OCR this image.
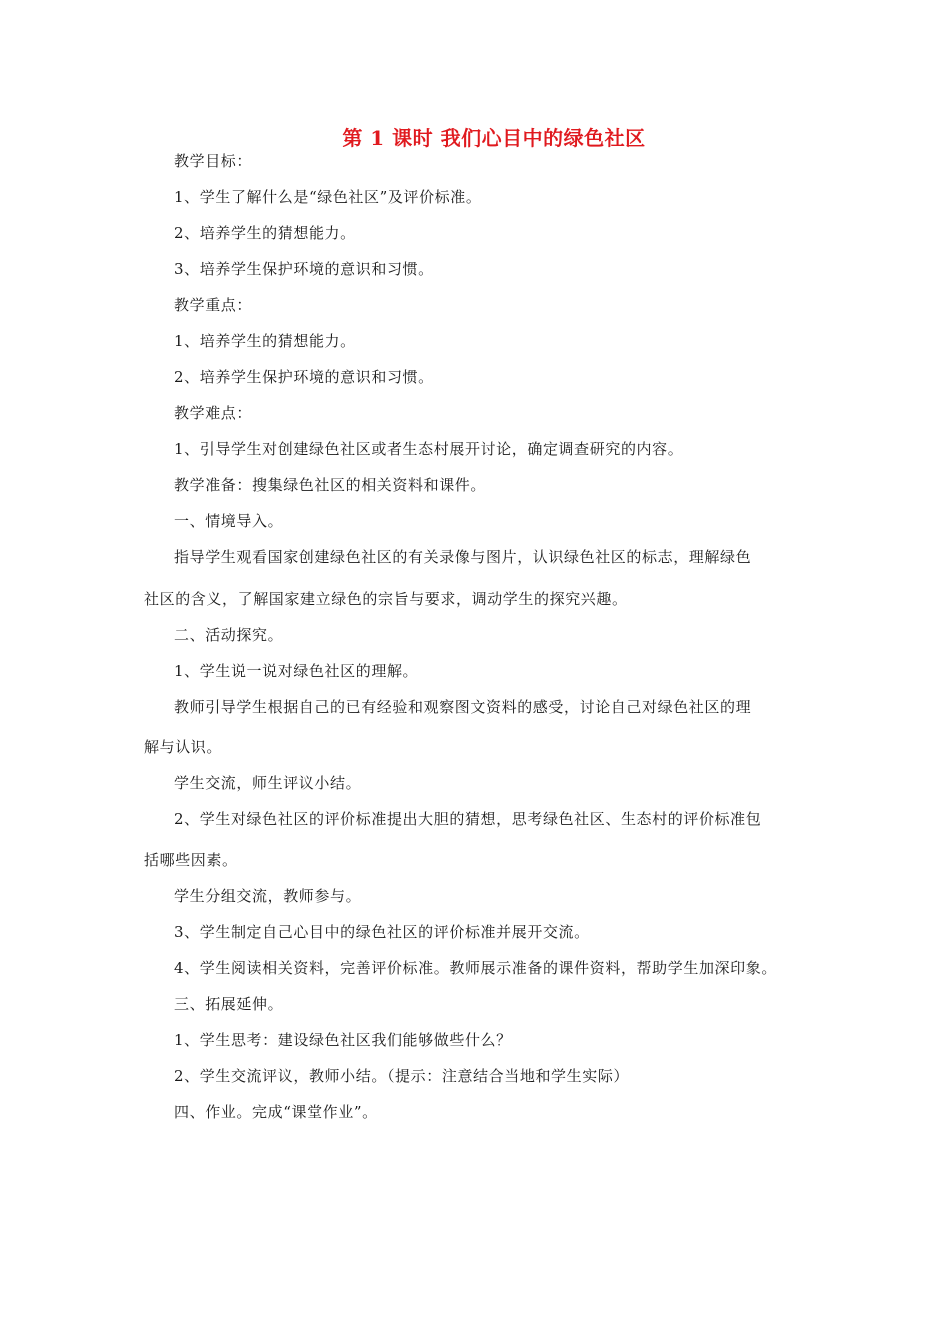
第 1 课时 我们心目中的绿色社区
教学目标：
1、学生了解什么是“绿色社区”及评价标准。
2、培养学生的猜想能力。
3、培养学生保护环境的意识和习惯。
教学重点：
1、培养学生的猜想能力。
2、培养学生保护环境的意识和习惯。
教学难点：
1、引导学生对创建绿色社区或者生态村展开讨论，确定调查研究的内容。
教学准备：搜集绿色社区的相关资料和课件。
一、情境导入。
指导学生观看国家创建绿色社区的有关录像与图片，认识绿色社区的标志，理解绿色
社区的含义，了解国家建立绿色的宗旨与要求，调动学生的探究兴趣。
二、活动探究。
1、学生说一说对绿色社区的理解。
教师引导学生根据自己的已有经验和观察图文资料的感受，讨论自己对绿色社区的理
解与认识。
学生交流，师生评议小结。
2、学生对绿色社区的评价标准提出大胆的猜想，思考绿色社区、生态村的评价标准包
括哪些因素。
学生分组交流，教师参与。
3、学生制定自己心目中的绿色社区的评价标准并展开交流。
4、学生阅读相关资料，完善评价标准。教师展示准备的课件资料，帮助学生加深印象。
三、拓展延伸。
1、学生思考：建设绿色社区我们能够做些什么？
2、学生交流评议，教师小结。（提示：注意结合当地和学生实际）
四、作业。完成“课堂作业”。
